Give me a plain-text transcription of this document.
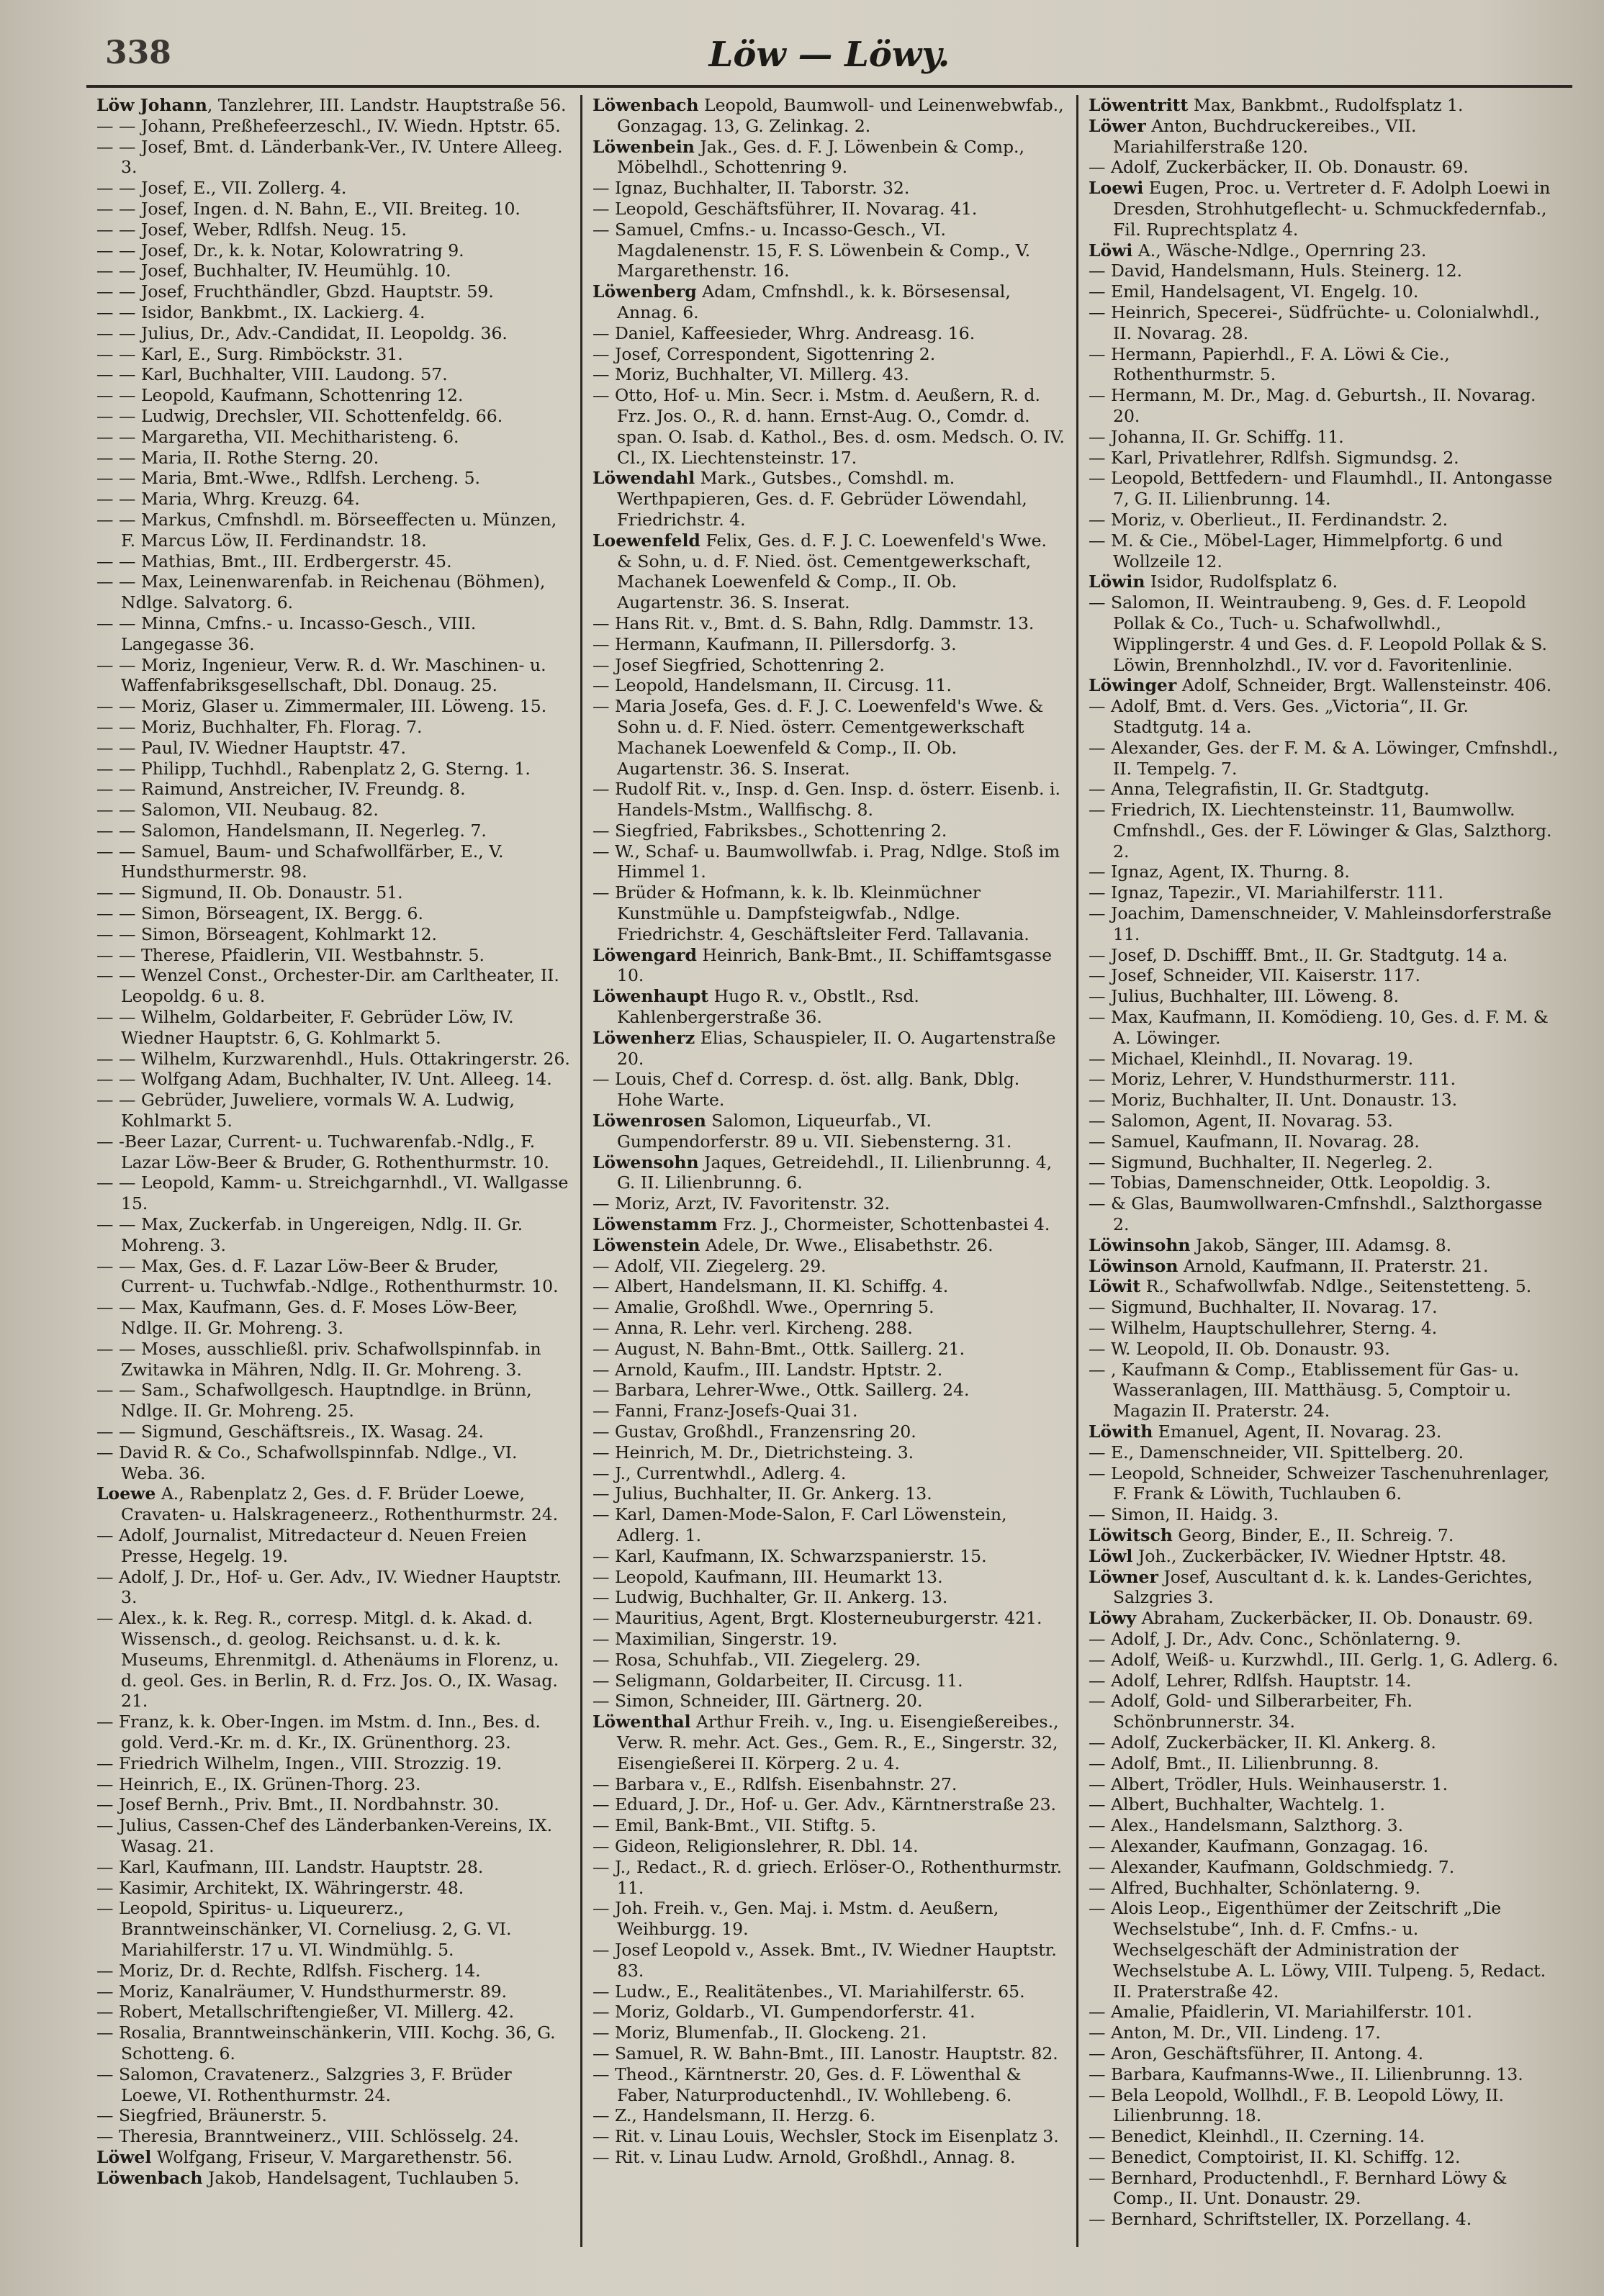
338	Löw — Löwy.

Löw Johann, Tanzlehrer, III. Landstr. Hauptstraße 56.

— — Johann, Preßhefeerzeschl., IV. Wiedn. Hptstr. 65.

— — Josef, Bmt. d. Länderbank-Ver., IV. Untere Alleeg. 3.

— — Josef, E., VII. Zollerg. 4.

— — Josef, Ingen. d. N. Bahn, E., VII. Breiteg. 10.

— — Josef, Weber, Rdlfsh. Neug. 15.

— — Josef, Dr., k. k. Notar, Kolowratring 9.

— — Josef, Buchhalter, IV. Heumühlg. 10.

— — Josef, Fruchthändler, Gbzd. Hauptstr. 59.

— — Isidor, Bankbmt., IX. Lackierg. 4.

— — Julius, Dr., Adv.-Candidat, II. Leopoldg. 36.

— — Karl, E., Surg. Rimböckstr. 31.

— — Karl, Buchhalter, VIII. Laudong. 57.

— — Leopold, Kaufmann, Schottenring 12.

— — Ludwig, Drechsler, VII. Schottenfeldg. 66.

— — Margaretha, VII. Mechitharisteng. 6.

— — Maria, II. Rothe Sterng. 20.

— — Maria, Bmt.-Wwe., Rdlfsh. Lercheng. 5.

— — Maria, Whrg. Kreuzg. 64.

— — Markus, Cmfnshdl. m. Börseeffecten u. Münzen, F. Marcus Löw, II. Ferdinandstr. 18.

— — Mathias, Bmt., III. Erdbergerstr. 45.

— — Max, Leinenwarenfab. in Reichenau (Böhmen), Ndlge. Salvatorg. 6.

— — Minna, Cmfns.- u. Incasso-Gesch., VIII. Langegasse 36.

— — Moriz, Ingenieur, Verw. R. d. Wr. Maschinen- u. Waffenfabriksgesellschaft, Dbl. Donaug. 25.

— — Moriz, Glaser u. Zimmermaler, III. Löweng. 15.

— — Moriz, Buchhalter, Fh. Florag. 7.

— — Paul, IV. Wiedner Hauptstr. 47.

— — Philipp, Tuchhdl., Rabenplatz 2, G. Sterng. 1.

— — Raimund, Anstreicher, IV. Freundg. 8.

— — Salomon, VII. Neubaug. 82.

— — Salomon, Handelsmann, II. Negerleg. 7.

— — Samuel, Baum- und Schafwollfärber, E., V. Hundsthurmerstr. 98.

— — Sigmund, II. Ob. Donaustr. 51.

— — Simon, Börseagent, IX. Bergg. 6.

— — Simon, Börseagent, Kohlmarkt 12.

— — Therese, Pfaidlerin, VII. Westbahnstr. 5.

— — Wenzel Const., Orchester-Dir. am Carltheater, II. Leopoldg. 6 u. 8.

— — Wilhelm, Goldarbeiter, F. Gebrüder Löw, IV. Wiedner Hauptstr. 6, G. Kohlmarkt 5.

— — Wilhelm, Kurzwarenhdl., Huls. Ottakringerstr. 26.

— — Wolfgang Adam, Buchhalter, IV. Unt. Alleeg. 14.

— — Gebrüder, Juweliere, vormals W. A. Ludwig, Kohlmarkt 5.

— -Beer Lazar, Current- u. Tuchwarenfab.-Ndlg., F. Lazar Löw-Beer & Bruder, G. Rothenthurmstr. 10.

— — Leopold, Kamm- u. Streichgarnhdl., VI. Wallgasse 15.

— — Max, Zuckerfab. in Ungereigen, Ndlg. II. Gr. Mohreng. 3.

— — Max, Ges. d. F. Lazar Löw-Beer & Bruder, Current- u. Tuchwfab.-Ndlge., Rothenthurmstr. 10.

— — Max, Kaufmann, Ges. d. F. Moses Löw-Beer, Ndlge. II. Gr. Mohreng. 3.

— — Moses, ausschließl. priv. Schafwollspinnfab. in Zwitawka in Mähren, Ndlg. II. Gr. Mohreng. 3.

— — Sam., Schafwollgesch. Hauptndlge. in Brünn, Ndlge. II. Gr. Mohreng. 25.

— — Sigmund, Geschäftsreis., IX. Wasag. 24.

— David R. & Co., Schafwollspinnfab. Ndlge., VI. Weba. 36.

Loewe A., Rabenplatz 2, Ges. d. F. Brüder Loewe, Cravaten- u. Halskrageneerz., Rothenthurmstr. 24.

— Adolf, Journalist, Mitredacteur d. Neuen Freien Presse, Hegelg. 19.

— Adolf, J. Dr., Hof- u. Ger. Adv., IV. Wiedner Hauptstr. 3.

— Alex., k. k. Reg. R., corresp. Mitgl. d. k. Akad. d. Wissensch., d. geolog. Reichsanst. u. d. k. k. Museums, Ehrenmitgl. d. Athenäums in Florenz, u. d. geol. Ges. in Berlin, R. d. Frz. Jos. O., IX. Wasag. 21.

— Franz, k. k. Ober-Ingen. im Mstm. d. Inn., Bes. d. gold. Verd.-Kr. m. d. Kr., IX. Grünenthorg. 23.

— Friedrich Wilhelm, Ingen., VIII. Strozzig. 19.

— Heinrich, E., IX. Grünen-Thorg. 23.

— Josef Bernh., Priv. Bmt., II. Nordbahnstr. 30.

— Julius, Cassen-Chef des Länderbanken-Vereins, IX. Wasag. 21.

— Karl, Kaufmann, III. Landstr. Hauptstr. 28.

— Kasimir, Architekt, IX. Währingerstr. 48.

— Leopold, Spiritus- u. Liqueurerz., Branntweinschänker, VI. Corneliusg. 2, G. VI. Mariahilferstr. 17 u. VI. Windmühlg. 5.

— Moriz, Dr. d. Rechte, Rdlfsh. Fischerg. 14.

— Moriz, Kanalräumer, V. Hundsthurmerstr. 89.

— Robert, Metallschriftengießer, VI. Millerg. 42.

— Rosalia, Branntweinschänkerin, VIII. Kochg. 36, G. Schotteng. 6.

— Salomon, Cravatenerz., Salzgries 3, F. Brüder Loewe, VI. Rothenthurmstr. 24.

— Siegfried, Bräunerstr. 5.

— Theresia, Branntweinerz., VIII. Schlösselg. 24.

Löwel Wolfgang, Friseur, V. Margarethenstr. 56.

Löwenbach Jakob, Handelsagent, Tuchlauben 5.

Löwenbach Leopold, Baumwoll- und Leinenwebwfab., Gonzagag. 13, G. Zelinkag. 2.

Löwenbein Jak., Ges. d. F. J. Löwenbein & Comp., Möbelhdl., Schottenring 9.

— Ignaz, Buchhalter, II. Taborstr. 32.

— Leopold, Geschäftsführer, II. Novarag. 41.

— Samuel, Cmfns.- u. Incasso-Gesch., VI. Magdalenenstr. 15, F. S. Löwenbein & Comp., V. Margarethenstr. 16.

Löwenberg Adam, Cmfnshdl., k. k. Börsesensal, Annag. 6.

— Daniel, Kaffeesieder, Whrg. Andreasg. 16.

— Josef, Correspondent, Sigottenring 2.

— Moriz, Buchhalter, VI. Millerg. 43.

— Otto, Hof- u. Min. Secr. i. Mstm. d. Aeußern, R. d. Frz. Jos. O., R. d. hann. Ernst-Aug. O., Comdr. d. span. O. Isab. d. Kathol., Bes. d. osm. Medsch. O. IV. Cl., IX. Liechtensteinstr. 17.

Löwendahl Mark., Gutsbes., Comshdl. m. Werthpapieren, Ges. d. F. Gebrüder Löwendahl, Friedrichstr. 4.

Loewenfeld Felix, Ges. d. F. J. C. Loewenfeld's Wwe. & Sohn, u. d. F. Nied. öst. Cementgewerkschaft, Machanek Loewenfeld & Comp., II. Ob. Augartenstr. 36. S. Inserat.

— Hans Rit. v., Bmt. d. S. Bahn, Rdlg. Dammstr. 13.

— Hermann, Kaufmann, II. Pillersdorfg. 3.

— Josef Siegfried, Schottenring 2.

— Leopold, Handelsmann, II. Circusg. 11.

— Maria Josefa, Ges. d. F. J. C. Loewenfeld's Wwe. & Sohn u. d. F. Nied. österr. Cementgewerkschaft Machanek Loewenfeld & Comp., II. Ob. Augartenstr. 36. S. Inserat.

— Rudolf Rit. v., Insp. d. Gen. Insp. d. österr. Eisenb. i. Handels-Mstm., Wallfischg. 8.

— Siegfried, Fabriksbes., Schottenring 2.

— W., Schaf- u. Baumwollwfab. i. Prag, Ndlge. Stoß im Himmel 1.

— Brüder & Hofmann, k. k. lb. Kleinmüchner Kunstmühle u. Dampfsteigwfab., Ndlge. Friedrichstr. 4, Geschäftsleiter Ferd. Tallavania.

Löwengard Heinrich, Bank-Bmt., II. Schiffamtsgasse 10.

Löwenhaupt Hugo R. v., Obstlt., Rsd. Kahlenbergerstraße 36.

Löwenherz Elias, Schauspieler, II. O. Augartenstraße 20.

— Louis, Chef d. Corresp. d. öst. allg. Bank, Dblg. Hohe Warte.

Löwenrosen Salomon, Liqueurfab., VI. Gumpendorferstr. 89 u. VII. Siebensterng. 31.

Löwensohn Jaques, Getreidehdl., II. Lilienbrunng. 4, G. II. Lilienbrunng. 6.

— Moriz, Arzt, IV. Favoritenstr. 32.

Löwenstamm Frz. J., Chormeister, Schottenbastei 4.

Löwenstein Adele, Dr. Wwe., Elisabethstr. 26.

— Adolf, VII. Ziegelerg. 29.

— Albert, Handelsmann, II. Kl. Schiffg. 4.

— Amalie, Großhdl. Wwe., Opernring 5.

— Anna, R. Lehr. verl. Kircheng. 288.

— August, N. Bahn-Bmt., Ottk. Saillerg. 21.

— Arnold, Kaufm., III. Landstr. Hptstr. 2.

— Barbara, Lehrer-Wwe., Ottk. Saillerg. 24.

— Fanni, Franz-Josefs-Quai 31.

— Gustav, Großhdl., Franzensring 20.

— Heinrich, M. Dr., Dietrichsteing. 3.

— J., Currentwhdl., Adlerg. 4.

— Julius, Buchhalter, II. Gr. Ankerg. 13.

— Karl, Damen-Mode-Salon, F. Carl Löwenstein, Adlerg. 1.

— Karl, Kaufmann, IX. Schwarzspanierstr. 15.

— Leopold, Kaufmann, III. Heumarkt 13.

— Ludwig, Buchhalter, Gr. II. Ankerg. 13.

— Mauritius, Agent, Brgt. Klosterneuburgerstr. 421.

— Maximilian, Singerstr. 19.

— Rosa, Schuhfab., VII. Ziegelerg. 29.

— Seligmann, Goldarbeiter, II. Circusg. 11.

— Simon, Schneider, III. Gärtnerg. 20.

Löwenthal Arthur Freih. v., Ing. u. Eisengießereibes., Verw. R. mehr. Act. Ges., Gem. R., E., Singerstr. 32, Eisengießerei II. Körperg. 2 u. 4.

— Barbara v., E., Rdlfsh. Eisenbahnstr. 27.

— Eduard, J. Dr., Hof- u. Ger. Adv., Kärntnerstraße 23.

— Emil, Bank-Bmt., VII. Stiftg. 5.

— Gideon, Religionslehrer, R. Dbl. 14.

— J., Redact., R. d. griech. Erlöser-O., Rothenthurmstr. 11.

— Joh. Freih. v., Gen. Maj. i. Mstm. d. Aeußern, Weihburgg. 19.

— Josef Leopold v., Assek. Bmt., IV. Wiedner Hauptstr. 83.

— Ludw., E., Realitätenbes., VI. Mariahilferstr. 65.

— Moriz, Goldarb., VI. Gumpendorferstr. 41.

— Moriz, Blumenfab., II. Glockeng. 21.

— Samuel, R. W. Bahn-Bmt., III. Lanostr. Hauptstr. 82.

— Theod., Kärntnerstr. 20, Ges. d. F. Löwenthal & Faber, Naturproductenhdl., IV. Wohllebeng. 6.

— Z., Handelsmann, II. Herzg. 6.

— Rit. v. Linau Louis, Wechsler, Stock im Eisenplatz 3.

— Rit. v. Linau Ludw. Arnold, Großhdl., Annag. 8.

Löwentritt Max, Bankbmt., Rudolfsplatz 1.

Löwer Anton, Buchdruckereibes., VII. Mariahilferstraße 120.

— Adolf, Zuckerbäcker, II. Ob. Donaustr. 69.

Loewi Eugen, Proc. u. Vertreter d. F. Adolph Loewi in Dresden, Strohhutgeflecht- u. Schmuckfedernfab., Fil. Ruprechtsplatz 4.

Löwi A., Wäsche-Ndlge., Opernring 23.

— David, Handelsmann, Huls. Steinerg. 12.

— Emil, Handelsagent, VI. Engelg. 10.

— Heinrich, Specerei-, Südfrüchte- u. Colonialwhdl., II. Novarag. 28.

— Hermann, Papierhdl., F. A. Löwi & Cie., Rothenthurmstr. 5.

— Hermann, M. Dr., Mag. d. Geburtsh., II. Novarag. 20.

— Johanna, II. Gr. Schiffg. 11.

— Karl, Privatlehrer, Rdlfsh. Sigmundsg. 2.

— Leopold, Bettfedern- und Flaumhdl., II. Antongasse 7, G. II. Lilienbrunng. 14.

— Moriz, v. Oberlieut., II. Ferdinandstr. 2.

— M. & Cie., Möbel-Lager, Himmelpfortg. 6 und Wollzeile 12.

Löwin Isidor, Rudolfsplatz 6.

— Salomon, II. Weintraubeng. 9, Ges. d. F. Leopold Pollak & Co., Tuch- u. Schafwollwhdl., Wipplingerstr. 4 und Ges. d. F. Leopold Pollak & S. Löwin, Brennholzhdl., IV. vor d. Favoritenlinie.

Löwinger Adolf, Schneider, Brgt. Wallensteinstr. 406.

— Adolf, Bmt. d. Vers. Ges. „Victoria“, II. Gr. Stadtgutg. 14 a.

— Alexander, Ges. der F. M. & A. Löwinger, Cmfnshdl., II. Tempelg. 7.

— Anna, Telegrafistin, II. Gr. Stadtgutg.

— Friedrich, IX. Liechtensteinstr. 11, Baumwollw. Cmfnshdl., Ges. der F. Löwinger & Glas, Salzthorg. 2.

— Ignaz, Agent, IX. Thurng. 8.

— Ignaz, Tapezir., VI. Mariahilferstr. 111.

— Joachim, Damenschneider, V. Mahleinsdorferstraße 11.

— Josef, D. Dschifff. Bmt., II. Gr. Stadtgutg. 14 a.

— Josef, Schneider, VII. Kaiserstr. 117.

— Julius, Buchhalter, III. Löweng. 8.

— Max, Kaufmann, II. Komödieng. 10, Ges. d. F. M. & A. Löwinger.

— Michael, Kleinhdl., II. Novarag. 19.

— Moriz, Lehrer, V. Hundsthurmerstr. 111.

— Moriz, Buchhalter, II. Unt. Donaustr. 13.

— Salomon, Agent, II. Novarag. 53.

— Samuel, Kaufmann, II. Novarag. 28.

— Sigmund, Buchhalter, II. Negerleg. 2.

— Tobias, Damenschneider, Ottk. Leopoldig. 3.

— & Glas, Baumwollwaren-Cmfnshdl., Salzthorgasse 2.

Löwinsohn Jakob, Sänger, III. Adamsg. 8.

Löwinson Arnold, Kaufmann, II. Praterstr. 21.

Löwit R., Schafwollwfab. Ndlge., Seitenstetteng. 5.

— Sigmund, Buchhalter, II. Novarag. 17.

— Wilhelm, Hauptschullehrer, Sterng. 4.

— W. Leopold, II. Ob. Donaustr. 93.

— , Kaufmann & Comp., Etablissement für Gas- u. Wasseranlagen, III. Matthäusg. 5, Comptoir u. Magazin II. Praterstr. 24.

Löwith Emanuel, Agent, II. Novarag. 23.

— E., Damenschneider, VII. Spittelberg. 20.

— Leopold, Schneider, Schweizer Taschenuhrenlager, F. Frank & Löwith, Tuchlauben 6.

— Simon, II. Haidg. 3.

Löwitsch Georg, Binder, E., II. Schreig. 7.

Löwl Joh., Zuckerbäcker, IV. Wiedner Hptstr. 48.

Löwner Josef, Auscultant d. k. k. Landes-Gerichtes, Salzgries 3.

Löwy Abraham, Zuckerbäcker, II. Ob. Donaustr. 69.

— Adolf, J. Dr., Adv. Conc., Schönlaterng. 9.

— Adolf, Weiß- u. Kurzwhdl., III. Gerlg. 1, G. Adlerg. 6.

— Adolf, Lehrer, Rdlfsh. Hauptstr. 14.

— Adolf, Gold- und Silberarbeiter, Fh. Schönbrunnerstr. 34.

— Adolf, Zuckerbäcker, II. Kl. Ankerg. 8.

— Adolf, Bmt., II. Lilienbrunng. 8.

— Albert, Trödler, Huls. Weinhauserstr. 1.

— Albert, Buchhalter, Wachtelg. 1.

— Alex., Handelsmann, Salzthorg. 3.

— Alexander, Kaufmann, Gonzagag. 16.

— Alexander, Kaufmann, Goldschmiedg. 7.

— Alfred, Buchhalter, Schönlaterng. 9.

— Alois Leop., Eigenthümer der Zeitschrift „Die Wechselstube“, Inh. d. F. Cmfns.- u. Wechselgeschäft der Administration der Wechselstube A. L. Löwy, VIII. Tulpeng. 5, Redact. II. Praterstraße 42.

— Amalie, Pfaidlerin, VI. Mariahilferstr. 101.

— Anton, M. Dr., VII. Lindeng. 17.

— Aron, Geschäftsführer, II. Antong. 4.

— Barbara, Kaufmanns-Wwe., II. Lilienbrunng. 13.

— Bela Leopold, Wollhdl., F. B. Leopold Löwy, II. Lilienbrunng. 18.

— Benedict, Kleinhdl., II. Czerning. 14.

— Benedict, Comptoirist, II. Kl. Schiffg. 12.

— Bernhard, Productenhdl., F. Bernhard Löwy & Comp., II. Unt. Donaustr. 29.

— Bernhard, Schriftsteller, IX. Porzellang. 4.
